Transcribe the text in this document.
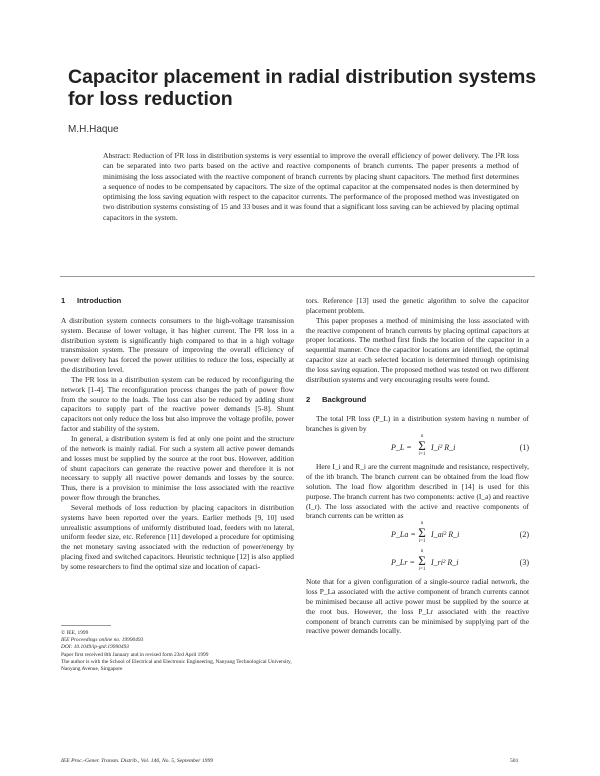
Capacitor placement in radial distribution systems for loss reduction
M.H.Haque
Abstract: Reduction of I²R loss in distribution systems is very essential to improve the overall efficiency of power delivery. The I²R loss can be separated into two parts based on the active and reactive components of branch currents. The paper presents a method of minimising the loss associated with the reactive component of branch currents by placing shunt capacitors. The method first determines a sequence of nodes to be compensated by capacitors. The size of the optimal capacitor at the compensated nodes is then determined by optimising the loss saving equation with respect to the capacitor currents. The performance of the proposed method was investigated on two distribution systems consisting of 15 and 33 buses and it was found that a significant loss saving can be achieved by placing optimal capacitors in the system.
1 Introduction

A distribution system connects consumers to the high-voltage transmission system. Because of lower voltage, it has higher current. The I²R loss in a distribution system is significantly high compared to that in a high voltage transmission system. The pressure of improving the overall efficiency of power delivery has forced the power utilities to reduce the loss, especially at the distribution level.

The I²R loss in a distribution system can be reduced by reconfiguring the network [1-4]. The reconfiguration process changes the path of power flow from the source to the loads. The loss can also be reduced by adding shunt capacitors to supply part of the reactive power demands [5-8]. Shunt capacitors not only reduce the loss but also improve the voltage profile, power factor and stability of the system.

In general, a distribution system is fed at only one point and the structure of the network is mainly radial. For such a system all active power demands and losses must be supplied by the source at the root bus. However, addition of shunt capacitors can generate the reactive power and therefore it is not necessary to supply all reactive power demands and losses by the source. Thus, there is a provision to minimise the loss associated with the reactive power flow through the branches.

Several methods of loss reduction by placing capacitors in distribution systems have been reported over the years. Earlier methods [9, 10] used unrealistic assumptions of uniformly distributed load, feeders with no lateral, uniform feeder size, etc. Reference [11] developed a procedure for optimising the net monetary saving associated with the reduction of power/energy by placing fixed and switched capacitors. Heuristic technique [12] is also applied by some researchers to find the optimal size and location of capaci-

tors. Reference [13] used the genetic algorithm to solve the capacitor placement problem.

This paper proposes a method of minimising the loss associated with the reactive component of branch currents by placing optimal capacitors at proper locations. The method first finds the location of the capacitor in a sequential manner. Once the capacitor locations are identified, the optimal capacitor size at each selected location is determined through optimising the loss saving equation. The proposed method was tested on two different distribution systems and very encouraging results were found.

2 Background

The total I²R loss (P_L) in a distribution system having n number of branches is given by

P_L =
n
Σ
i=1
I_i² R_i	(1)

Here I_i and R_i are the current magnitude and resistance, respectively, of the ith branch. The branch current can be obtained from the load flow solution. The load flow algorithm described in [14] is used for this purpose. The branch current has two components: active (I_a) and reactive (I_r). The loss associated with the active and reactive components of branch currents can be written as

P_La =
n
Σ
i=1
I_ai² R_i	(2)
P_Lr =
n
Σ
i=1
I_ri² R_i	(3)

Note that for a given configuration of a single-source radial network, the loss P_La associated with the active component of branch currents cannot be minimised because all active power must be supplied by the source at the root bus. However, the loss P_Lr associated with the reactive component of branch currents can be minimised by supplying part of the reactive power demands locally.

© IEE, 1999
IEE Proceedings online no. 19990493
DOI: 10.1049/ip-gtd:19990493
Paper first received 8th January and in revised form 23rd April 1999
The author is with the School of Electrical and Electronic Engineering, Nanyang Technological University, Nanyang Avenue, Singapore
IEE Proc.-Gener. Transm. Distrib., Vol. 146, No. 5, September 1999	501
